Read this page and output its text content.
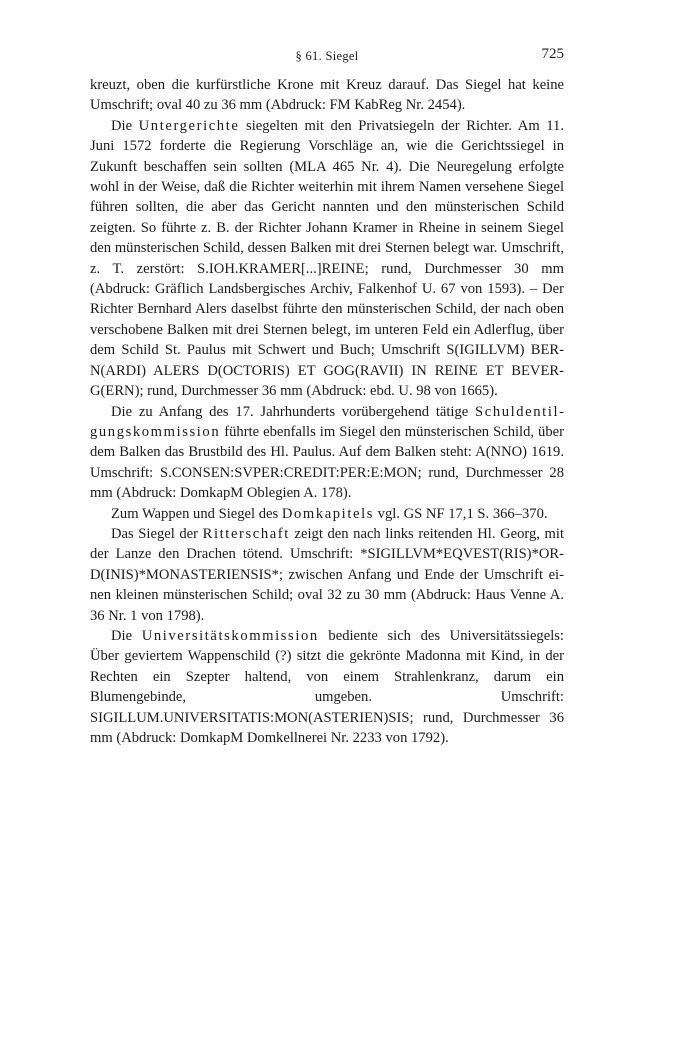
§ 61. Siegel	725

kreuzt, oben die kurfürstliche Krone mit Kreuz darauf. Das Siegel hat keine Umschrift; oval 40 zu 36 mm (Abdruck: FM KabReg Nr. 2454).

Die Untergerichte siegelten mit den Privatsiegeln der Richter. Am 11. Juni 1572 forderte die Regierung Vorschläge an, wie die Gerichtssiegel in Zukunft beschaffen sein sollten (MLA 465 Nr. 4). Die Neuregelung erfolgte wohl in der Weise, daß die Richter weiterhin mit ihrem Namen versehene Siegel führen sollten, die aber das Gericht nannten und den münsterischen Schild zeigten. So führte z. B. der Richter Johann Kramer in Rheine in seinem Siegel den münsterischen Schild, dessen Balken mit drei Sternen belegt war. Umschrift, z. T. zerstört: S.IOH.KRAMER[...]REINE; rund, Durchmesser 30 mm (Abdruck: Gräflich Landsbergisches Archiv, Falkenhof U. 67 von 1593). – Der Richter Bernhard Alers daselbst führte den münsterischen Schild, der nach oben verschobene Balken mit drei Sternen belegt, im unteren Feld ein Adlerflug, über dem Schild St. Paulus mit Schwert und Buch; Umschrift S(IGILLVM) BERN(ARDI) ALERS D(OCTORIS) ET GOG(RAVII) IN REINE ET BEVERG(ERN); rund, Durchmesser 36 mm (Abdruck: ebd. U. 98 von 1665).

Die zu Anfang des 17. Jahrhunderts vorübergehend tätige Schuldentilgungskommission führte ebenfalls im Siegel den münsterischen Schild, über dem Balken das Brustbild des Hl. Paulus. Auf dem Balken steht: A(NNO) 1619. Umschrift: S.CONSEN:SVPER:CREDIT:PER:E:MON; rund, Durchmesser 28 mm (Abdruck: DomkapM Oblegien A. 178).

Zum Wappen und Siegel des Domkapitels vgl. GS NF 17,1 S. 366–370.

Das Siegel der Ritterschaft zeigt den nach links reitenden Hl. Georg, mit der Lanze den Drachen tötend. Umschrift: *SIGILLVM*EQVEST(RIS)*ORD(INIS)*MONASTERIENSIS*; zwischen Anfang und Ende der Umschrift einen kleinen münsterischen Schild; oval 32 zu 30 mm (Abdruck: Haus Venne A. 36 Nr. 1 von 1798).

Die Universitätskommission bediente sich des Universitätssiegels: Über geviertem Wappenschild (?) sitzt die gekrönte Madonna mit Kind, in der Rechten ein Szepter haltend, von einem Strahlenkranz, darum ein Blumengebinde, umgeben. Umschrift: SIGILLUM.UNIVERSITATIS:MON(ASTERIEN)SIS; rund, Durchmesser 36 mm (Abdruck: DomkapM Domkellnerei Nr. 2233 von 1792).
